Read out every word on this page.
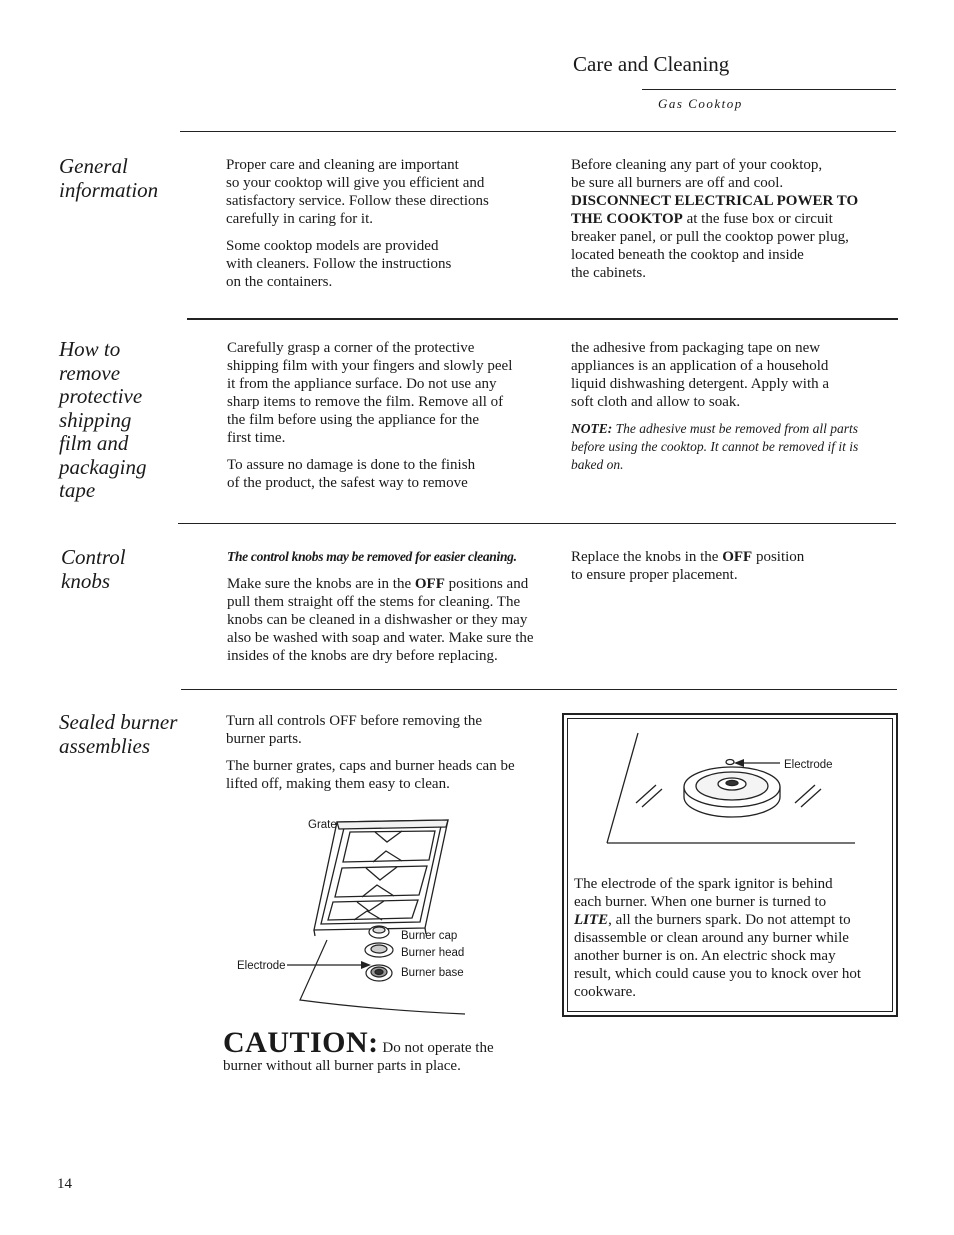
Care and Cleaning
Gas Cooktop
General
information

Proper care and cleaning are important
so your cooktop will give you efficient and
satisfactory service. Follow these directions
carefully in caring for it.

Some cooktop models are provided
with cleaners. Follow the instructions
on the containers.

Before cleaning any part of your cooktop,
be sure all burners are off and cool.
DISCONNECT ELECTRICAL POWER TO
THE COOKTOP at the fuse box or circuit
breaker panel, or pull the cooktop power plug,
located beneath the cooktop and inside
the cabinets.

How to
remove
protective
shipping
film and
packaging
tape

Carefully grasp a corner of the protective
shipping film with your fingers and slowly peel
it from the appliance surface. Do not use any
sharp items to remove the film. Remove all of
the film before using the appliance for the
first time.

To assure no damage is done to the finish
of the product, the safest way to remove

the adhesive from packaging tape on new
appliances is an application of a household
liquid dishwashing detergent. Apply with a
soft cloth and allow to soak.

NOTE: The adhesive must be removed from all parts
before using the cooktop. It cannot be removed if it is
baked on.

Control
knobs

The control knobs may be removed for easier cleaning.

Make sure the knobs are in the OFF positions and
pull them straight off the stems for cleaning. The
knobs can be cleaned in a dishwasher or they may
also be washed with soap and water. Make sure the
insides of the knobs are dry before replacing.

Replace the knobs in the OFF position
to ensure proper placement.

Sealed burner
assemblies

Turn all controls OFF before removing the
burner parts.

The burner grates, caps and burner heads can be
lifted off, making them easy to clean.

Grate
Burner cap
Burner head
Burner base
Electrode
Electrode
The electrode of the spark ignitor is behind
each burner. When one burner is turned to
LITE, all the burners spark. Do not attempt to
disassemble or clean around any burner while
another burner is on. An electric shock may
result, which could cause you to knock over hot
cookware.
CAUTION: Do not operate the
burner without all burner parts in place.
14
